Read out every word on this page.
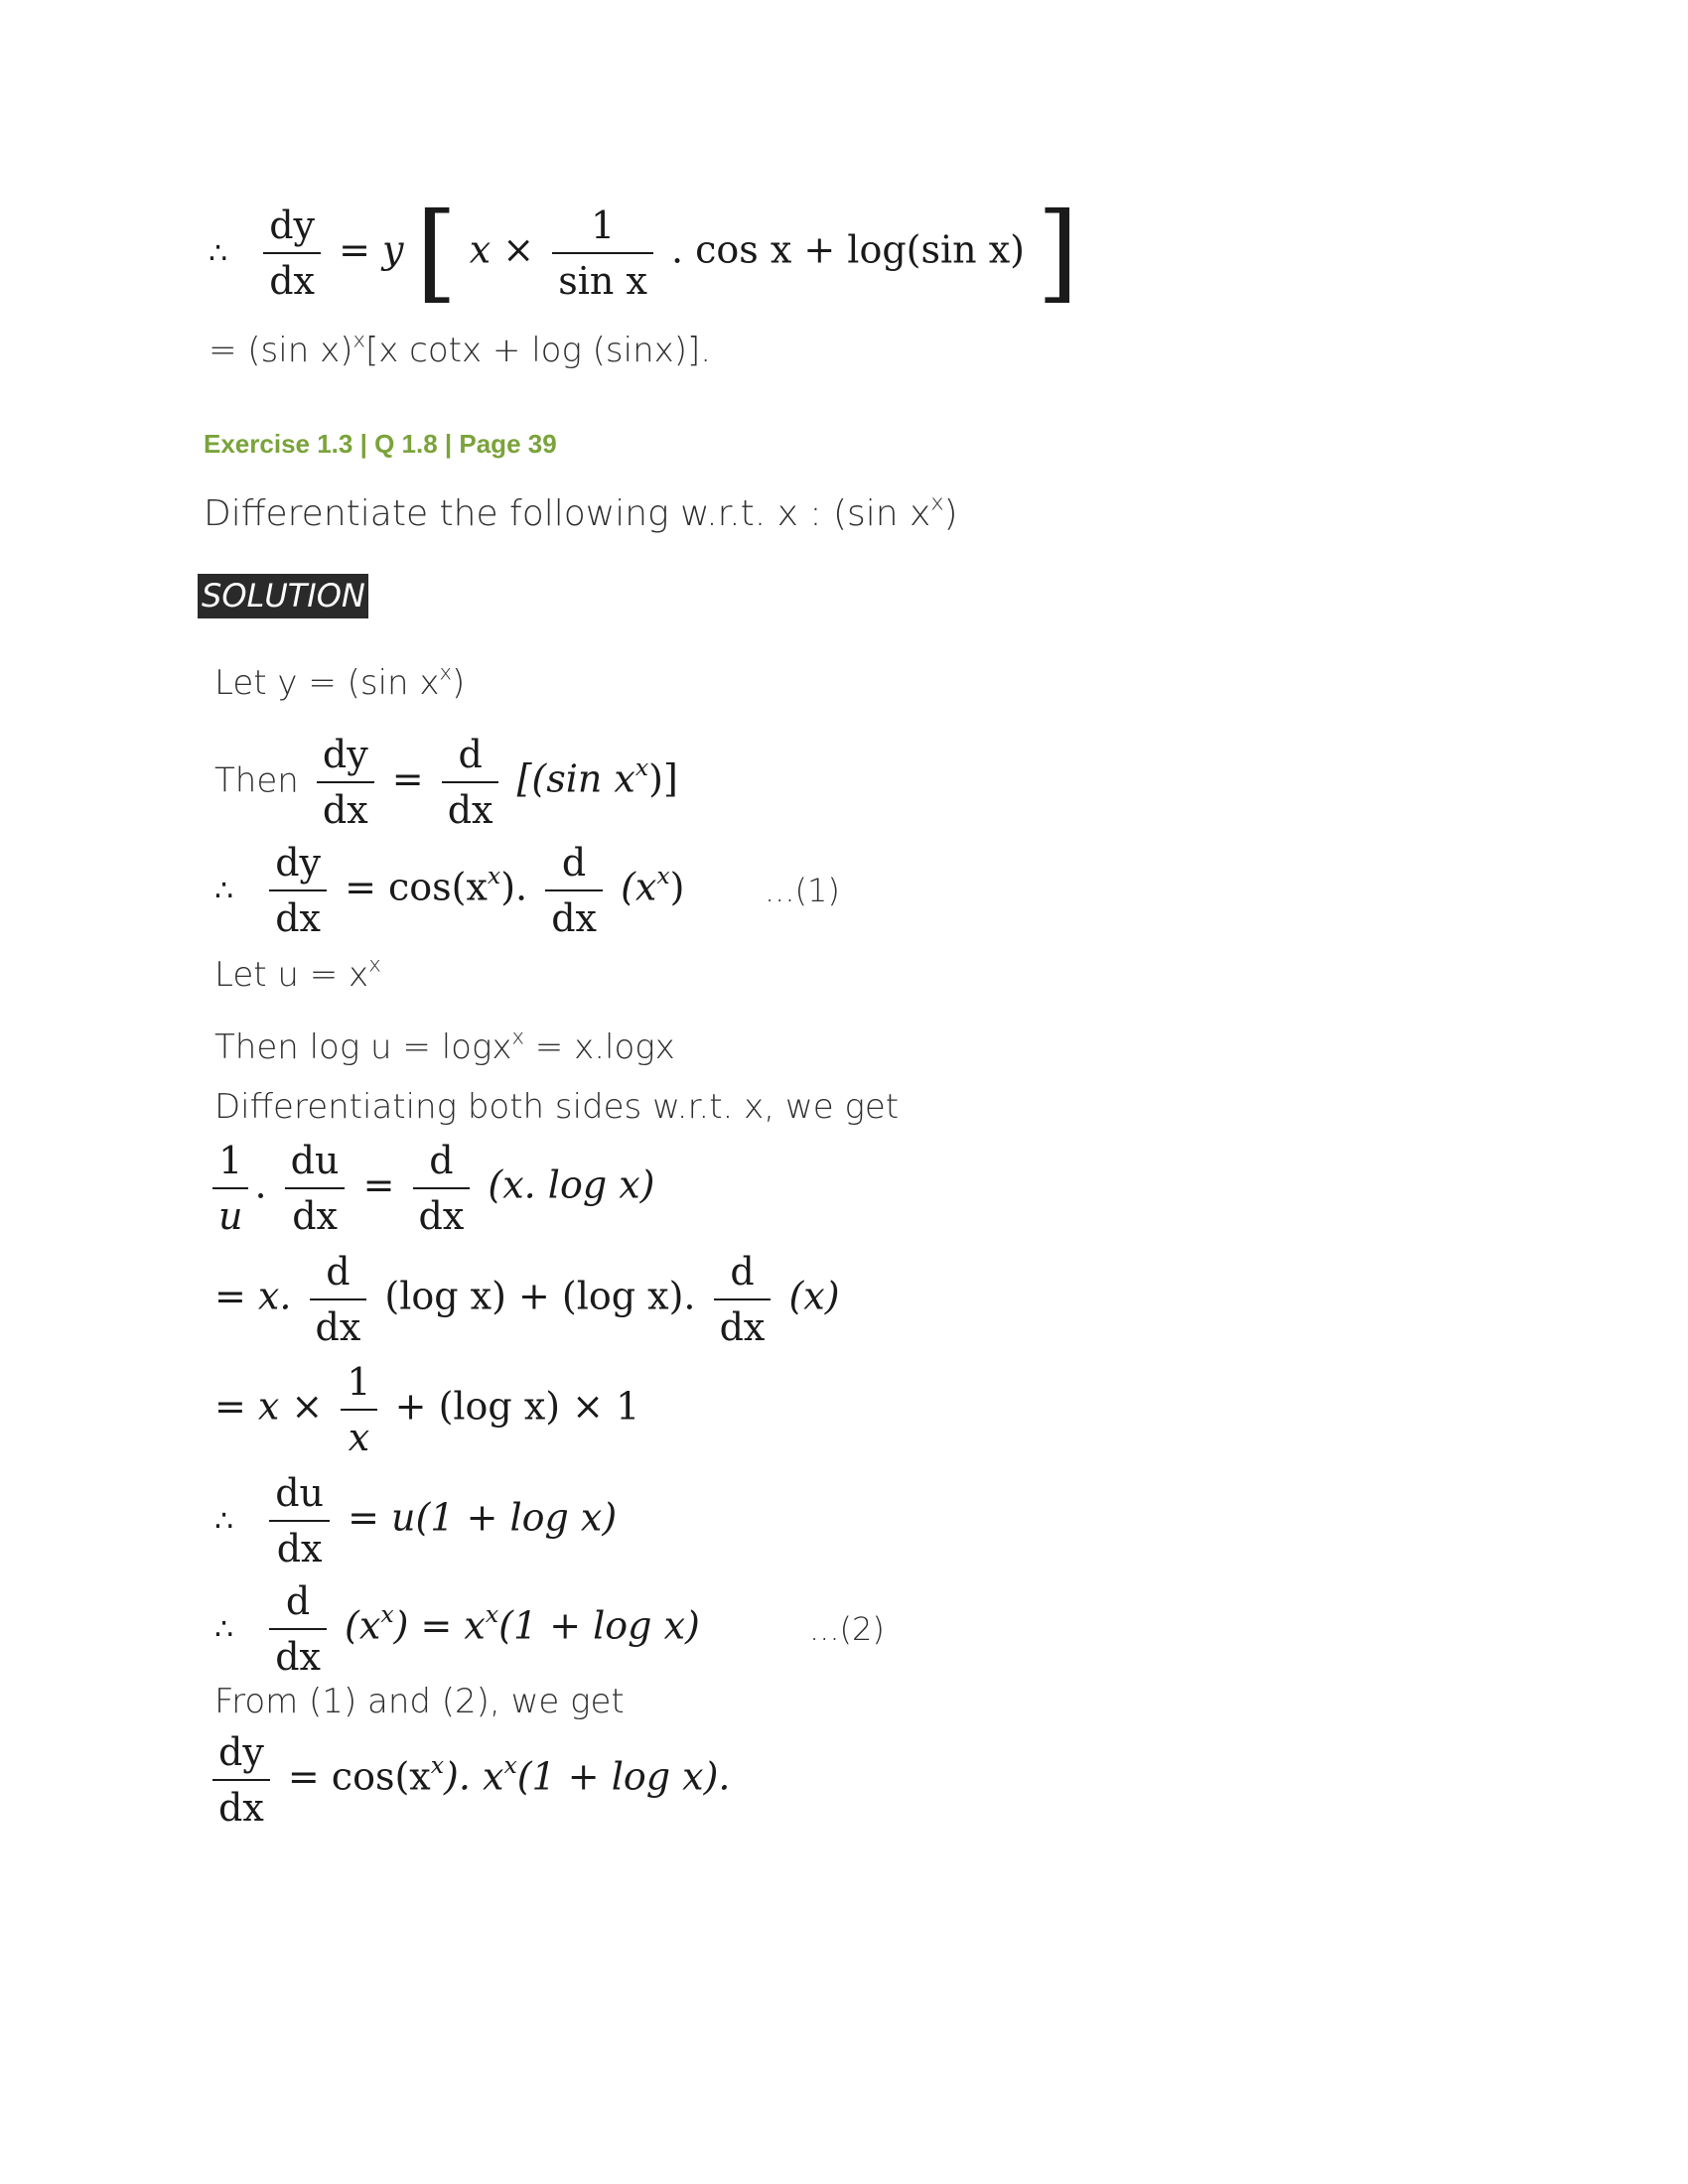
∴ $\frac{dy}{dx} = y$ [ $x \times \frac{1}{\text{sin x}}$ . cos x + log(sin x) ]
= (sin x)$^x$[x cotx + log (sinx)].
Exercise 1.3 | Q 1.8 | Page 39
Differentiate the following w.r.t. x : (sin $x^x$)
SOLUTION
Let y = (sin $x^x$)
Then $\frac{dy}{dx} = \frac{d}{dx} [(\sin$ $x^x$)]
∴ $\frac{dy}{dx} = \cos(x^x)$. $\frac{d}{dx} (x^x)$	...(1)
Let $u = x^x$
Then log u = logx$^x$ = x.logx
Differentiating both sides w.r.t. x, we get
$\frac{1}{u}$ . $\frac{du}{dx} = \frac{d}{dx} (x$. log x)
= x. $\frac{d}{dx} (\log$ x) + (log x). $\frac{d}{dx} (x)$
= $x \times \frac{1}{x} + (\log$ x) × 1
∴ $\frac{du}{dx} = u(1 + \log x)$
∴ $\frac{d}{dx} (x^x) = x^x(1 + \log x)$	...(2)
From (1) and (2), we get
$\frac{dy}{dx} = \cos(x^x)$. $x^x(1 + \log x)$.
